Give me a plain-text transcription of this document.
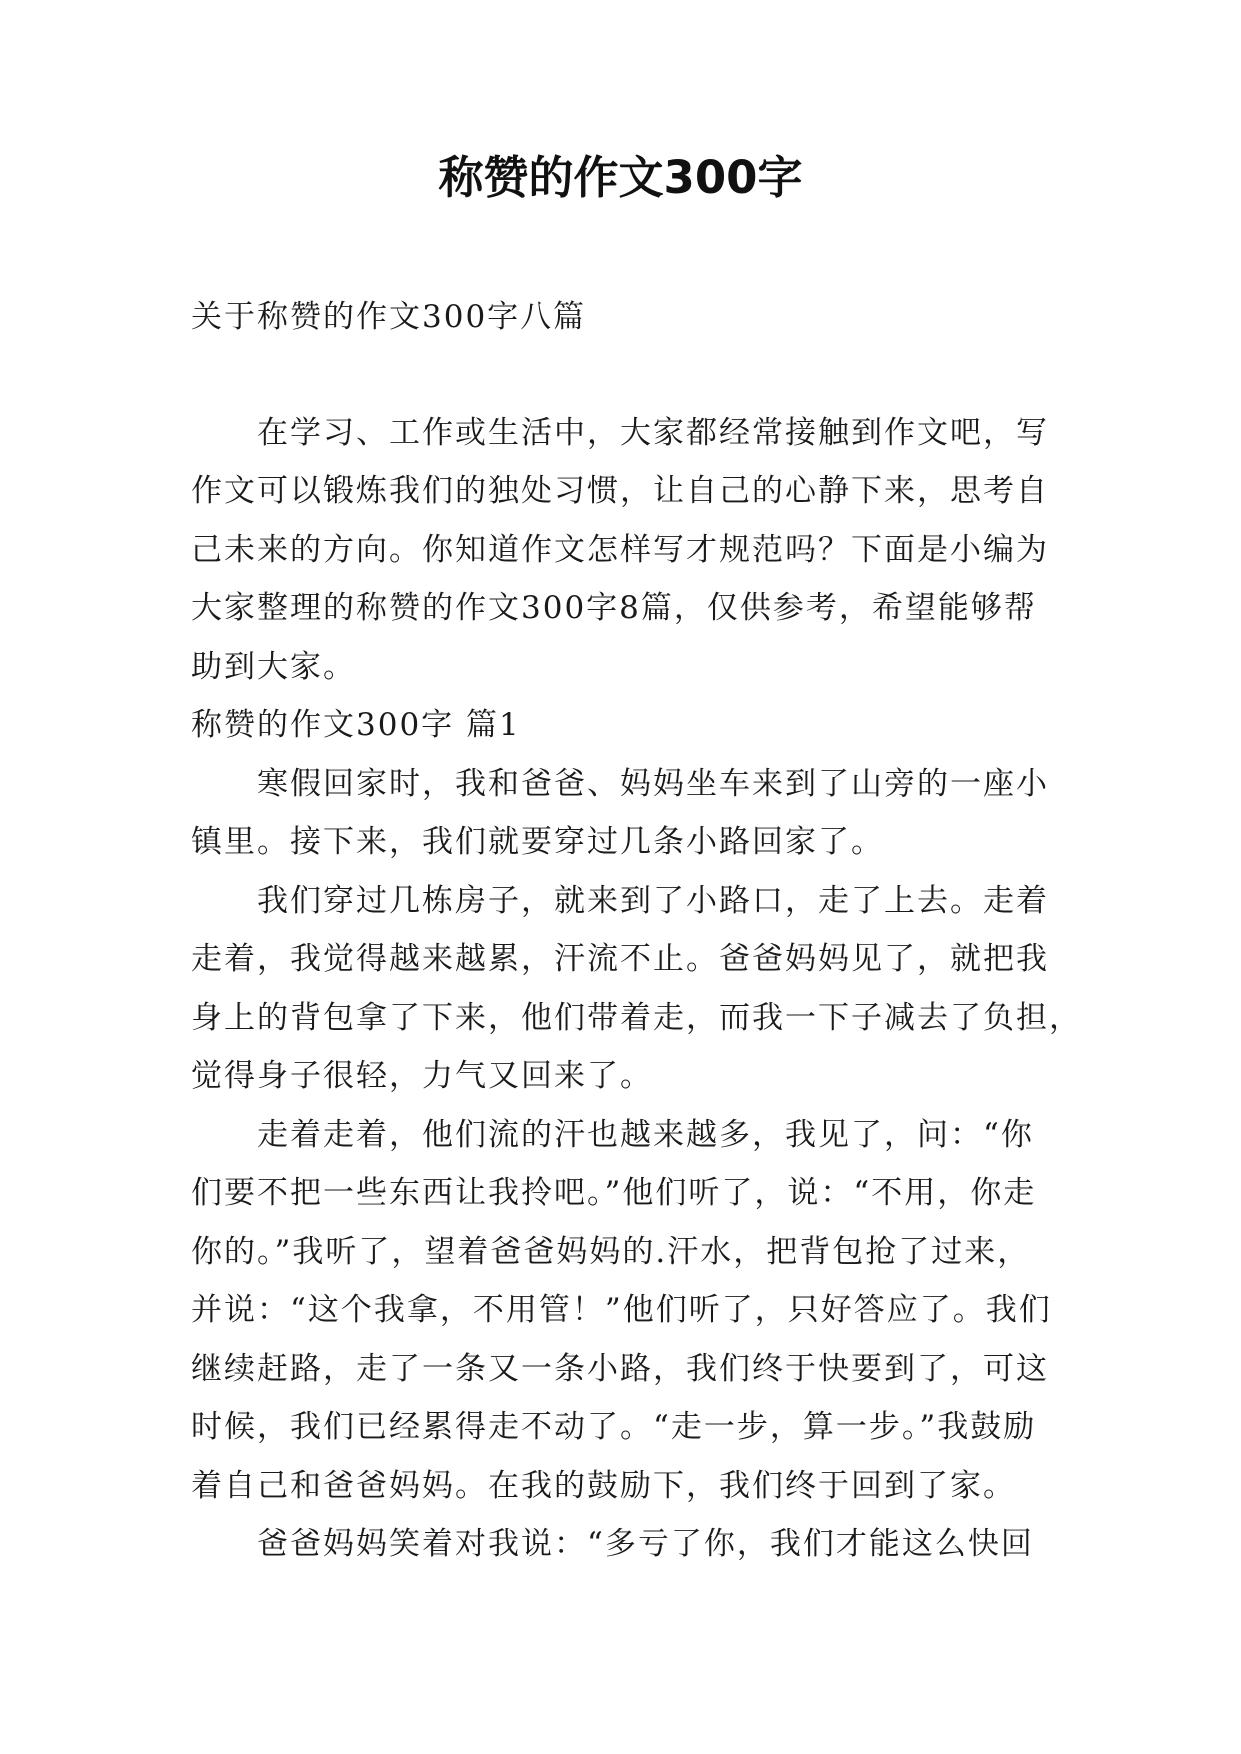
称赞的作文300字
关于称赞的作文300字八篇
在学习、工作或生活中，大家都经常接触到作文吧，写
作文可以锻炼我们的独处习惯，让自己的心静下来，思考自
己未来的方向。你知道作文怎样写才规范吗？下面是小编为
大家整理的称赞的作文300字8篇，仅供参考，希望能够帮
助到大家。
称赞的作文300字 篇1
寒假回家时，我和爸爸、妈妈坐车来到了山旁的一座小
镇里。接下来，我们就要穿过几条小路回家了。
我们穿过几栋房子，就来到了小路口，走了上去。走着
走着，我觉得越来越累，汗流不止。爸爸妈妈见了，就把我
身上的背包拿了下来，他们带着走，而我一下子减去了负担，
觉得身子很轻，力气又回来了。
走着走着，他们流的汗也越来越多，我见了，问：“你
们要不把一些东西让我拎吧。”他们听了，说：“不用，你走
你的。”我听了，望着爸爸妈妈的.汗水，把背包抢了过来，
并说：“这个我拿，不用管！”他们听了，只好答应了。我们
继续赶路，走了一条又一条小路，我们终于快要到了，可这
时候，我们已经累得走不动了。“走一步，算一步。”我鼓励
着自己和爸爸妈妈。在我的鼓励下，我们终于回到了家。
爸爸妈妈笑着对我说：“多亏了你，我们才能这么快回
